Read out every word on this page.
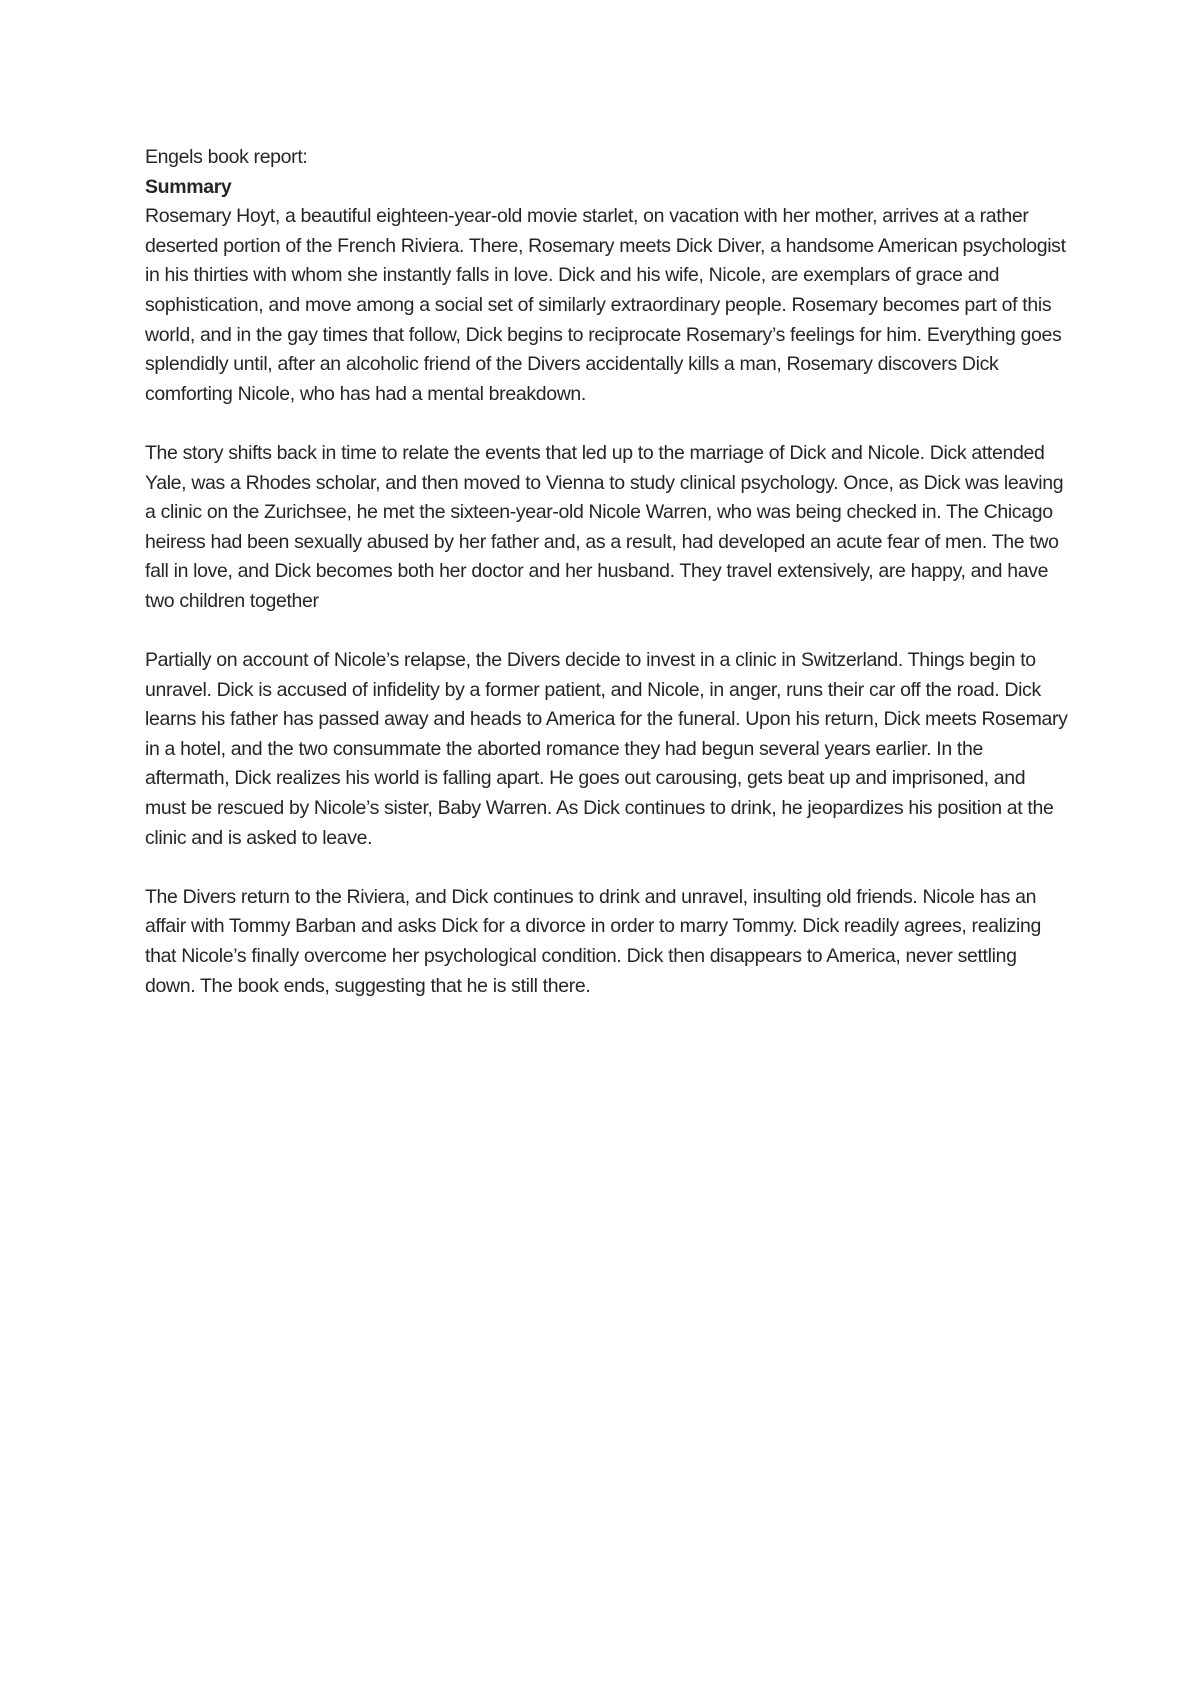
Engels book report:

Summary

Rosemary Hoyt, a beautiful eighteen-year-old movie starlet, on vacation with her mother, arrives at a rather deserted portion of the French Riviera. There, Rosemary meets Dick Diver, a handsome American psychologist in his thirties with whom she instantly falls in love. Dick and his wife, Nicole, are exemplars of grace and sophistication, and move among a social set of similarly extraordinary people. Rosemary becomes part of this world, and in the gay times that follow, Dick begins to reciprocate Rosemary’s feelings for him. Everything goes splendidly until, after an alcoholic friend of the Divers accidentally kills a man, Rosemary discovers Dick comforting Nicole, who has had a mental breakdown.

The story shifts back in time to relate the events that led up to the marriage of Dick and Nicole. Dick attended Yale, was a Rhodes scholar, and then moved to Vienna to study clinical psychology. Once, as Dick was leaving a clinic on the Zurichsee, he met the sixteen-year-old Nicole Warren, who was being checked in. The Chicago heiress had been sexually abused by her father and, as a result, had developed an acute fear of men. The two fall in love, and Dick becomes both her doctor and her husband. They travel extensively, are happy, and have two children together

Partially on account of Nicole’s relapse, the Divers decide to invest in a clinic in Switzerland. Things begin to unravel. Dick is accused of infidelity by a former patient, and Nicole, in anger, runs their car off the road. Dick learns his father has passed away and heads to America for the funeral. Upon his return, Dick meets Rosemary in a hotel, and the two consummate the aborted romance they had begun several years earlier. In the aftermath, Dick realizes his world is falling apart. He goes out carousing, gets beat up and imprisoned, and must be rescued by Nicole’s sister, Baby Warren. As Dick continues to drink, he jeopardizes his position at the clinic and is asked to leave.

The Divers return to the Riviera, and Dick continues to drink and unravel, insulting old friends. Nicole has an affair with Tommy Barban and asks Dick for a divorce in order to marry Tommy. Dick readily agrees, realizing that Nicole’s finally overcome her psychological condition. Dick then disappears to America, never settling down. The book ends, suggesting that he is still there.
